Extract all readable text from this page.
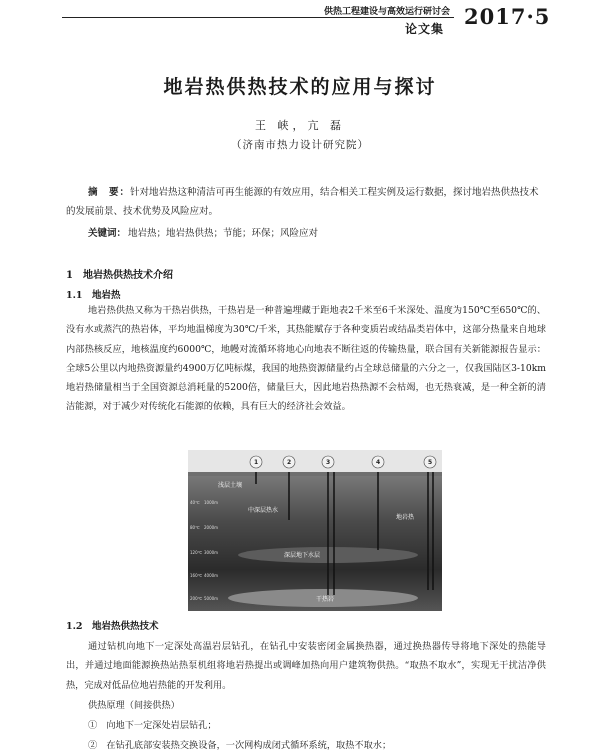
供热工程建设与高效运行研讨会
论文集 2017·5
地岩热供热技术的应用与探讨
王 峡，亢 磊
（济南市热力设计研究院）
摘　要：针对地岩热这种清洁可再生能源的有效应用，结合相关工程实例及运行数据，探讨地岩热供热技术的发展前景、技术优势及风险应对。
关键词： 地岩热；地岩热供热；节能；环保；风险应对
1　地岩热供热技术介绍
1.1　地岩热
地岩热供热又称为干热岩供热，干热岩是一种普遍埋藏于距地表2千米至6千米深处、温度为150℃至650℃的、没有水或蒸汽的热岩体，平均地温梯度为30℃/千米，其热能赋存于各种变质岩或结晶类岩体中，这部分热量来自地球内部热核反应，地核温度约6000℃，地幔对流循环将地心向地表不断往返的传输热量，联合国有关新能源报告显示：全球5公里以内地热资源量约4900万亿吨标煤，我国的地热资源储量约占全球总储量的六分之一，仅我国陆区3-10km地岩热储量相当于全国资源总消耗量的5200倍，储量巨大，因此地岩热热源不会枯竭，也无热衰减，是一种全新的清洁能源，对于减少对传统化石能源的依赖，具有巨大的经济社会效益。
1	2	3	4	5
浅层土壤
中深层热水
地岩热
深层地下水层
干热岩
40℃
80℃
120℃
160℃
200℃
1000m
2000m
3000m
4000m
5000m
1.2　地岩热供热技术
通过钻机向地下一定深处高温岩层钻孔，在钻孔中安装密闭金属换热器，通过换热器传导将地下深处的热能导出，并通过地面能源换热站热泵机组将地岩热提出或调峰加热向用户建筑物供热。“取热不取水”，实现无干扰洁净供热，完成对低品位地岩热能的开发利用。
供热原理（间接供热）
①　向地下一定深处岩层钻孔；
②　在钻孔底部安装热交换设备，一次网构成闭式循环系统，取热不取水；
